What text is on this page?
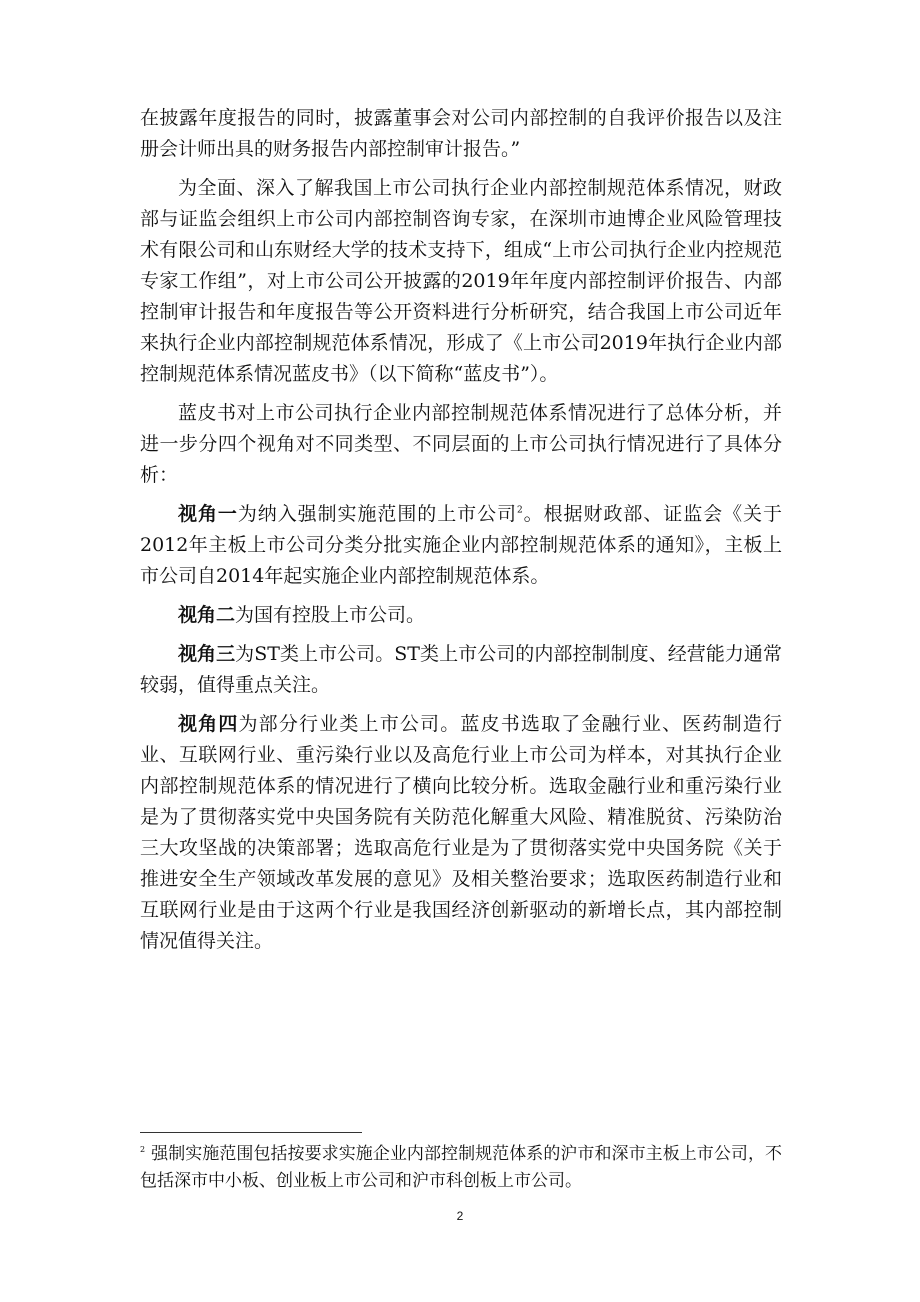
在披露年度报告的同时，披露董事会对公司内部控制的自我评价报告以及注册会计师出具的财务报告内部控制审计报告。”

为全面、深入了解我国上市公司执行企业内部控制规范体系情况，财政部与证监会组织上市公司内部控制咨询专家，在深圳市迪博企业风险管理技术有限公司和山东财经大学的技术支持下，组成“上市公司执行企业内控规范专家工作组”，对上市公司公开披露的2019年年度内部控制评价报告、内部控制审计报告和年度报告等公开资料进行分析研究，结合我国上市公司近年来执行企业内部控制规范体系情况，形成了《上市公司2019年执行企业内部控制规范体系情况蓝皮书》（以下简称“蓝皮书”）。

蓝皮书对上市公司执行企业内部控制规范体系情况进行了总体分析，并进一步分四个视角对不同类型、不同层面的上市公司执行情况进行了具体分析：

视角一为纳入强制实施范围的上市公司$^2$。根据财政部、证监会《关于2012年主板上市公司分类分批实施企业内部控制规范体系的通知》，主板上市公司自2014年起实施企业内部控制规范体系。

视角二为国有控股上市公司。

视角三为ST类上市公司。ST类上市公司的内部控制制度、经营能力通常较弱，值得重点关注。

视角四为部分行业类上市公司。蓝皮书选取了金融行业、医药制造行业、互联网行业、重污染行业以及高危行业上市公司为样本，对其执行企业内部控制规范体系的情况进行了横向比较分析。选取金融行业和重污染行业是为了贯彻落实党中央国务院有关防范化解重大风险、精准脱贫、污染防治三大攻坚战的决策部署；选取高危行业是为了贯彻落实党中央国务院《关于推进安全生产领域改革发展的意见》及相关整治要求；选取医药制造行业和互联网行业是由于这两个行业是我国经济创新驱动的新增长点，其内部控制情况值得关注。

$^2$ 强制实施范围包括按要求实施企业内部控制规范体系的沪市和深市主板上市公司，不包括深市中小板、创业板上市公司和沪市科创板上市公司。
2
